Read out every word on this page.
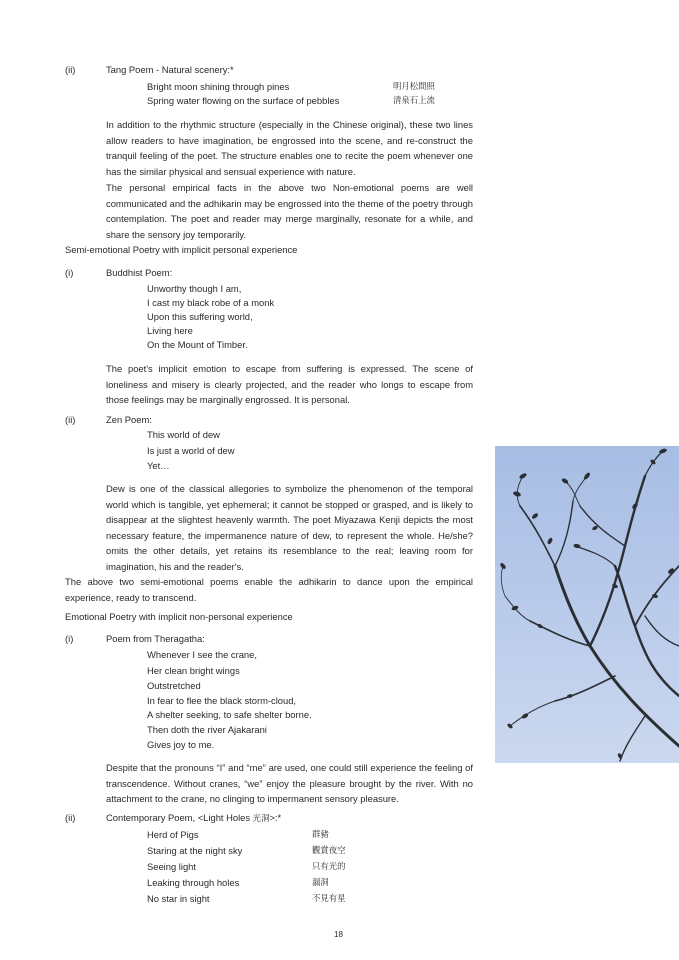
(ii)	Tang Poem - Natural scenery:*
Bright moon shining through pines	明月松間照
Spring water flowing on the surface of pebbles	清泉石上流
In addition to the rhythmic structure (especially in the Chinese original), these two lines allow readers to have imagination, be engrossed into the scene, and re-construct the tranquil feeling of the poet. The structure enables one to recite the poem whenever one has the similar physical and sensual experience with nature.
The personal empirical facts in the above two Non-emotional poems are well communicated and the adhikarin may be engrossed into the theme of the poetry through contemplation. The poet and reader may merge marginally, resonate for a while, and share the sensory joy temporarily.
Semi-emotional Poetry with implicit personal experience
(i)	Buddhist Poem:
Unworthy though I am,
I cast my black robe of a monk
Upon this suffering world,
Living here
On the Mount of Timber.
The poet's implicit emotion to escape from suffering is expressed. The scene of loneliness and misery is clearly projected, and the reader who longs to escape from those feelings may be marginally engrossed. It is personal.
(ii)	Zen Poem:
This world of dew
Is just a world of dew
Yet…
Dew is one of the classical allegories to symbolize the phenomenon of the temporal world which is tangible, yet ephemeral; it cannot be stopped or grasped, and is likely to disappear at the slightest heavenly warmth. The poet Miyazawa Kenji depicts the most necessary feature, the impermanence nature of dew, to represent the whole. He/she? omits the other details, yet retains its resemblance to the real; leaving room for imagination, his and the reader's.
The above two semi-emotional poems enable the adhikarin to dance upon the empirical experience, ready to transcend.
Emotional Poetry with implicit non-personal experience
(i)	Poem from Theragatha:
Whenever I see the crane,
Her clean bright wings
Outstretched
In fear to flee the black storm-cloud,
A shelter seeking, to safe shelter borne.
Then doth the river Ajakarani
Gives joy to me.
Despite that the pronouns “I” and “me” are used, one could still experience the feeling of transcendence. Without cranes, “we” enjoy the pleasure brought by the river. With no attachment to the crane, no clinging to impermanent sensory pleasure.
(ii)	Contemporary Poem, <Light Holes 光洞>:*
Herd of Pigs	群豬
Staring at the night sky	觀賞夜空
Seeing light	只有光的
Leaking through holes	漏洞
No star in sight	不見有星
18
